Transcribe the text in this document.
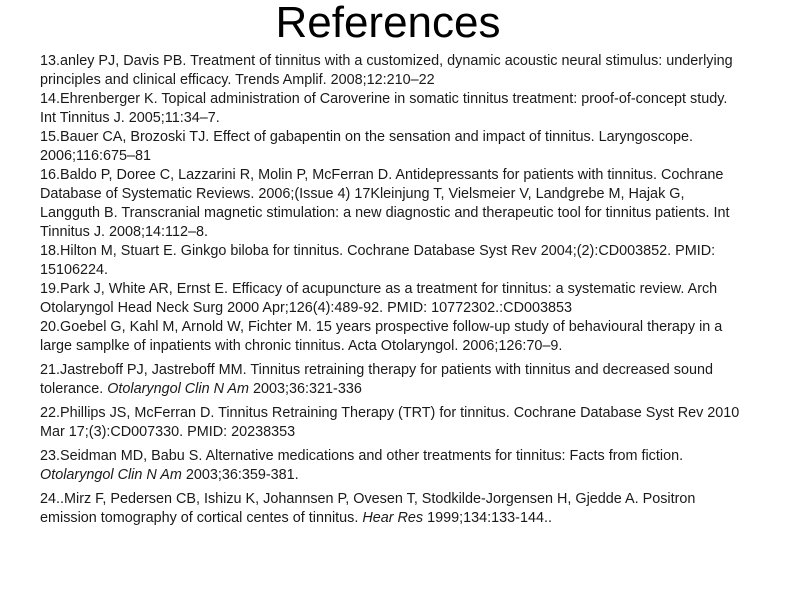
References

13.anley PJ, Davis PB. Treatment of tinnitus with a customized, dynamic acoustic neural stimulus: underlying principles and clinical efficacy. Trends Amplif. 2008;12:210–22

14.Ehrenberger K. Topical administration of Caroverine in somatic tinnitus treatment: proof-of-concept study. Int Tinnitus J. 2005;11:34–7.

15.Bauer CA, Brozoski TJ. Effect of gabapentin on the sensation and impact of tinnitus. Laryngoscope. 2006;116:675–81

16.Baldo P, Doree C, Lazzarini R, Molin P, McFerran D. Antidepressants for patients with tinnitus. Cochrane Database of Systematic Reviews. 2006;(Issue 4) 17Kleinjung T, Vielsmeier V, Landgrebe M, Hajak G, Langguth B. Transcranial magnetic stimulation: a new diagnostic and therapeutic tool for tinnitus patients. Int Tinnitus J. 2008;14:112–8.

18.Hilton M, Stuart E. Ginkgo biloba for tinnitus. Cochrane Database Syst Rev 2004;(2):CD003852. PMID: 15106224.

19.Park J, White AR, Ernst E. Efficacy of acupuncture as a treatment for tinnitus: a systematic review. Arch Otolaryngol Head Neck Surg 2000 Apr;126(4):489-92. PMID: 10772302.:CD003853

20.Goebel G, Kahl M, Arnold W, Fichter M. 15 years prospective follow-up study of behavioural therapy in a large samplke of inpatients with chronic tinnitus. Acta Otolaryngol. 2006;126:70–9.

21.Jastreboff PJ, Jastreboff MM. Tinnitus retraining therapy for patients with tinnitus and decreased sound tolerance. Otolaryngol Clin N Am 2003;36:321-336

22.Phillips JS, McFerran D. Tinnitus Retraining Therapy (TRT) for tinnitus. Cochrane Database Syst Rev 2010 Mar 17;(3):CD007330. PMID: 20238353

23.Seidman MD, Babu S. Alternative medications and other treatments for tinnitus: Facts from fiction. Otolaryngol Clin N Am 2003;36:359-381.

24..Mirz F, Pedersen CB, Ishizu K, Johannsen P, Ovesen T, Stodkilde-Jorgensen H, Gjedde A. Positron emission tomography of cortical centes of tinnitus. Hear Res 1999;134:133-144..
